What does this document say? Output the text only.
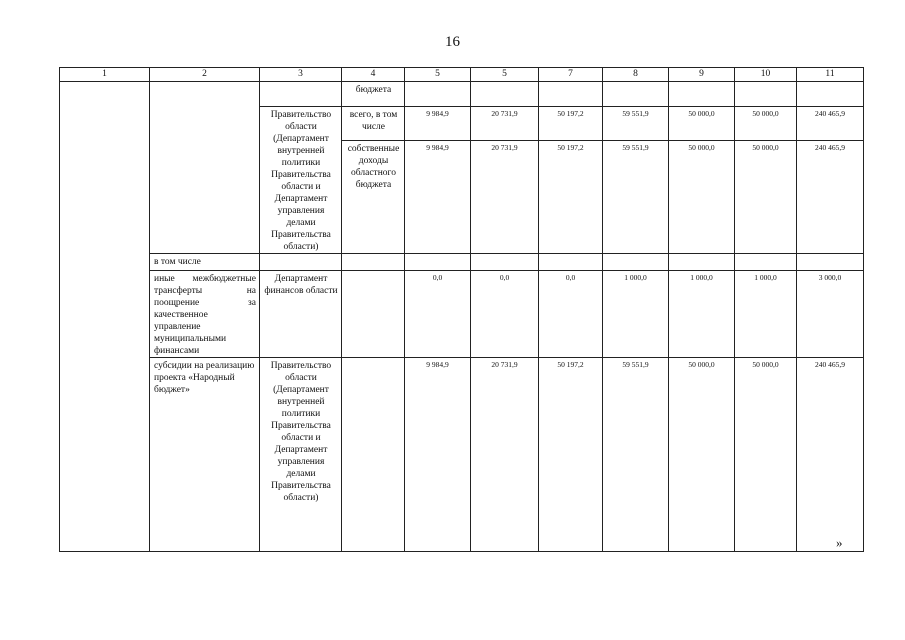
16
1	2	3	4	5	5	7	8	9	10	11
			бюджета							
		Правительство области (Департамент внутренней политики Правительства области и Департамент управления делами Правительства области)	всего, в том числе	9 984,9	20 731,9	50 197,2	59 551,9	50 000,0	50 000,0	240 465,9
			собственные доходы областного бюджета	9 984,9	20 731,9	50 197,2	59 551,9	50 000,0	50 000,0	240 465,9
	в том числе									
	иные межбюджетные трансферты на поощрение за качественное управление муниципальными финансами	Департамент финансов области		0,0	0,0	0,0	1 000,0	1 000,0	1 000,0	3 000,0
	субсидии на реализацию проекта «Народный бюджет»	Правительство области (Департамент внутренней политики Правительства области и Департамент управления делами Правительства области)		9 984,9	20 731,9	50 197,2	59 551,9	50 000,0	50 000,0	240 465,9
»
